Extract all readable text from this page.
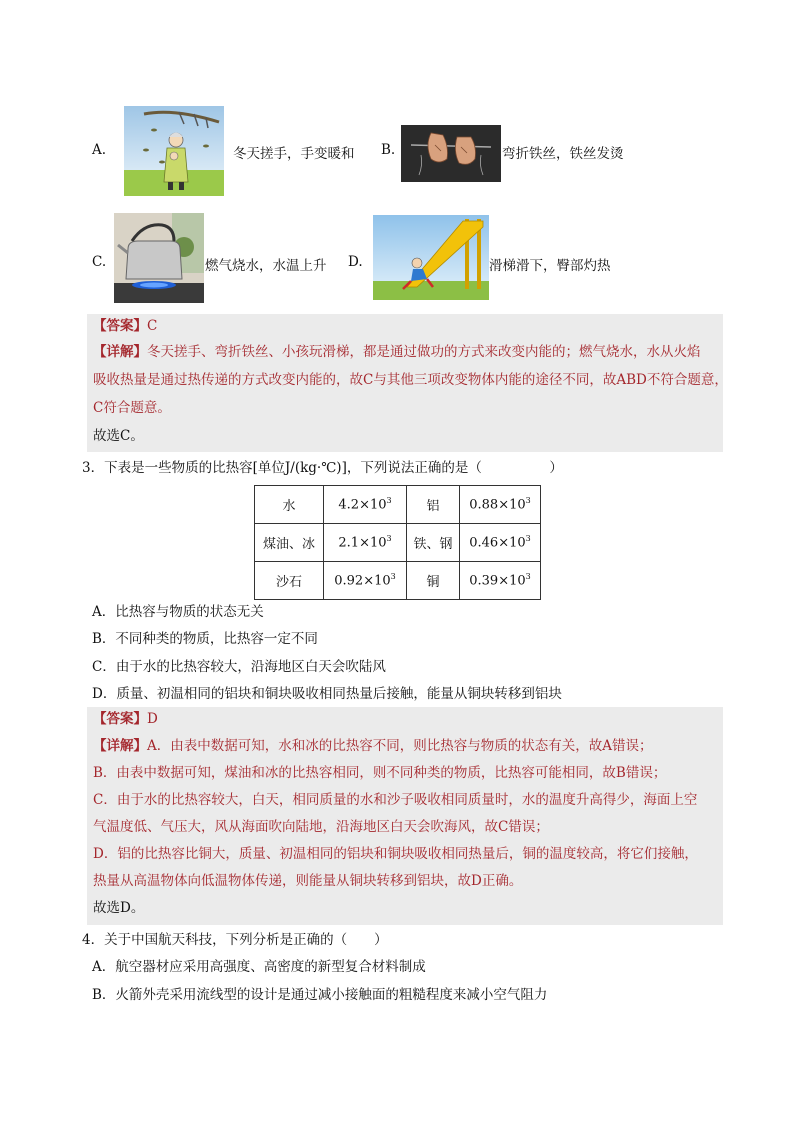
A.	冬天搓手，手变暖和 B.	弯折铁丝，铁丝发烫
C.	燃气烧水，水温上升 D.	滑梯滑下，臀部灼热
【答案】C
【详解】冬天搓手、弯折铁丝、小孩玩滑梯，都是通过做功的方式来改变内能的；燃气烧水，水从火焰
吸收热量是通过热传递的方式改变内能的，故C与其他三项改变物体内能的途径不同，故ABD不符合题意，
C符合题意。
故选C。
3．下表是一些物质的比热容[单位J/(kg·℃)]，下列说法正确的是（　　　　　）
水	$4.2\times 10^3$	铝	$0.88\times 10^3$
煤油、冰	$2.1\times 10^3$	铁、钢	$0.46\times 10^3$
沙石	$0.92\times 10^3$	铜	$0.39\times 10^3$
A．比热容与物质的状态无关
B．不同种类的物质，比热容一定不同
C．由于水的比热容较大，沿海地区白天会吹陆风
D．质量、初温相同的铝块和铜块吸收相同热量后接触，能量从铜块转移到铝块
【答案】D
【详解】A．由表中数据可知，水和冰的比热容不同，则比热容与物质的状态有关，故A错误；
B．由表中数据可知，煤油和冰的比热容相同，则不同种类的物质，比热容可能相同，故B错误；
C．由于水的比热容较大，白天，相同质量的水和沙子吸收相同质量时，水的温度升高得少，海面上空
气温度低、气压大，风从海面吹向陆地，沿海地区白天会吹海风，故C错误；
D．铝的比热容比铜大，质量、初温相同的铝块和铜块吸收相同热量后，铜的温度较高，将它们接触，
热量从高温物体向低温物体传递，则能量从铜块转移到铝块，故D正确。
故选D。
4．关于中国航天科技，下列分析是正确的（　　）
A．航空器材应采用高强度、高密度的新型复合材料制成
B．火箭外壳采用流线型的设计是通过减小接触面的粗糙程度来减小空气阻力
